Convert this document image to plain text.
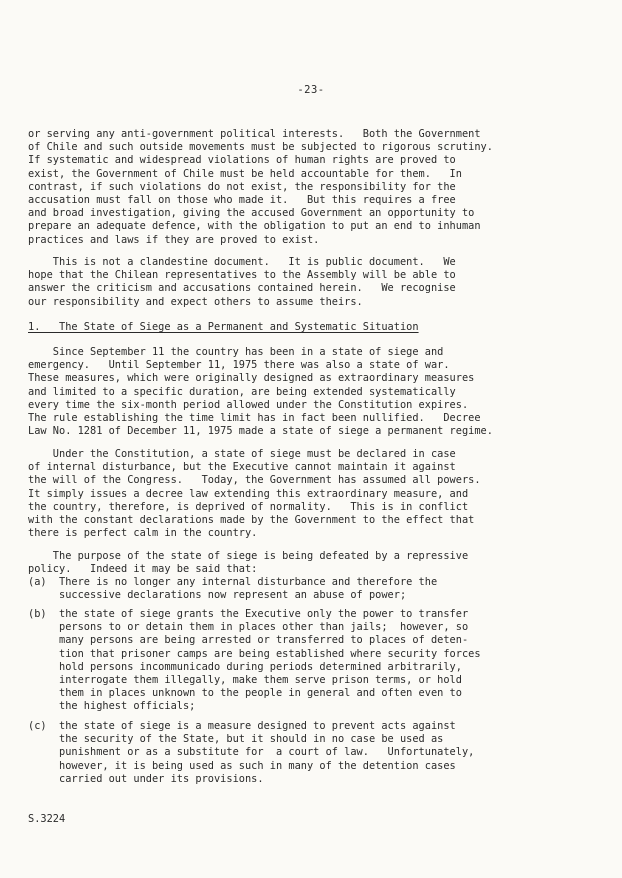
-23-
or serving any anti-government political interests.   Both the Government
of Chile and such outside movements must be subjected to rigorous scrutiny.
If systematic and widespread violations of human rights are proved to
exist, the Government of Chile must be held accountable for them.   In
contrast, if such violations do not exist, the responsibility for the
accusation must fall on those who made it.   But this requires a free
and broad investigation, giving the accused Government an opportunity to
prepare an adequate defence, with the obligation to put an end to inhuman
practices and laws if they are proved to exist.
This is not a clandestine document.   It is public document.   We
hope that the Chilean representatives to the Assembly will be able to
answer the criticism and accusations contained herein.   We recognise
our responsibility and expect others to assume theirs.
1.   The State of Siege as a Permanent and Systematic Situation
Since September 11 the country has been in a state of siege and
emergency.   Until September 11, 1975 there was also a state of war.
These measures, which were originally designed as extraordinary measures
and limited to a specific duration, are being extended systematically
every time the six-month period allowed under the Constitution expires.
The rule establishing the time limit has in fact been nullified.   Decree
Law No. 1281 of December 11, 1975 made a state of siege a permanent regime.
Under the Constitution, a state of siege must be declared in case
of internal disturbance, but the Executive cannot maintain it against
the will of the Congress.   Today, the Government has assumed all powers.
It simply issues a decree law extending this extraordinary measure, and
the country, therefore, is deprived of normality.   This is in conflict
with the constant declarations made by the Government to the effect that
there is perfect calm in the country.
The purpose of the state of siege is being defeated by a repressive
policy.   Indeed it may be said that:
(a)  There is no longer any internal disturbance and therefore the
successive declarations now represent an abuse of power;
(b)  the state of siege grants the Executive only the power to transfer
persons to or detain them in places other than jails;  however, so
many persons are being arrested or transferred to places of deten-
tion that prisoner camps are being established where security forces
hold persons incommunicado during periods determined arbitrarily,
interrogate them illegally, make them serve prison terms, or hold
them in places unknown to the people in general and often even to
the highest officials;
(c)  the state of siege is a measure designed to prevent acts against
the security of the State, but it should in no case be used as
punishment or as a substitute for  a court of law.   Unfortunately,
however, it is being used as such in many of the detention cases
carried out under its provisions.
S.3224
